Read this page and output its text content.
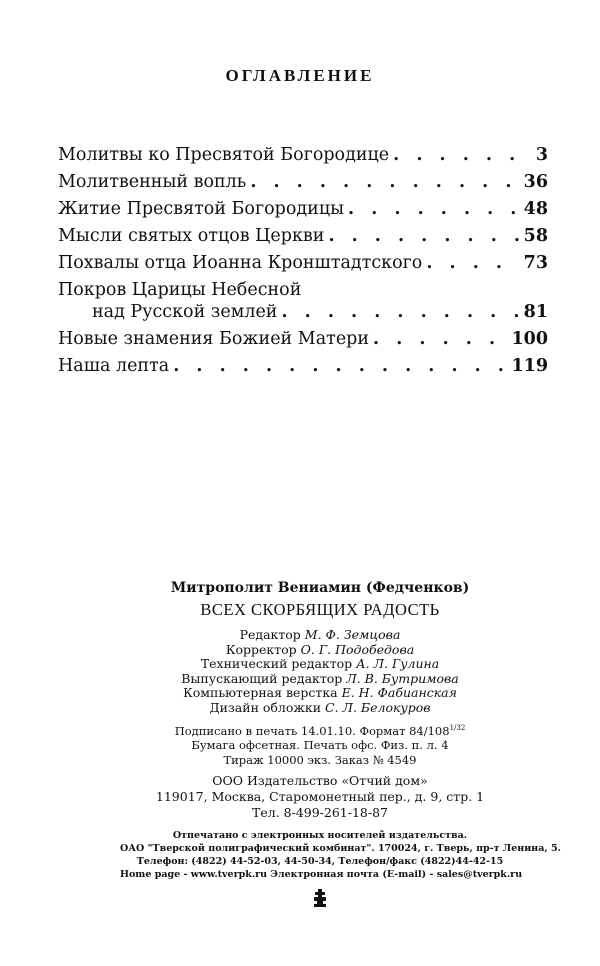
ОГЛАВЛЕНИЕ
Молитвы ко Пресвятой Богородице . . .	3
Молитвенный вопль . . .	36
Житие Пресвятой Богородицы . . .	48
Мысли святых отцов Церкви . . .	58
Похвалы отца Иоанна Кронштадтского . . .	73
Покров Царицы Небесной
над Русской землей . . .	81
Новые знамения Божией Матери . . .	100
Наша лепта . . .	119
Митрополит Вениамин (Федченков)
ВСЕХ СКОРБЯЩИХ РАДОСТЬ
Редактор М. Ф. Земцова
Корректор О. Г. Подобедова
Технический редактор А. Л. Гулина
Выпускающий редактор Л. В. Бутримова
Компьютерная верстка Е. Н. Фабианская
Дизайн обложки С. Л. Белокуров
Подписано в печать 14.01.10. Формат $84/108^{1/32}$
Бумага офсетная. Печать офс. Физ. п. л. 4
Тираж 10000 экз. Заказ № 4549
ООО Издательство «Отчий дом»
119017, Москва, Старомонетный пер., д. 9, стр. 1
Тел. 8-499-261-18-87
Отпечатано с электронных носителей издательства.
ОАО "Тверской полиграфический комбинат". 170024, г. Тверь, пр-т Ленина, 5.
Телефон: (4822) 44-52-03, 44-50-34, Телефон/факс (4822)44-42-15
Home page - www.tverpk.ru Электронная почта (E-mail) - sales@tverpk.ru
